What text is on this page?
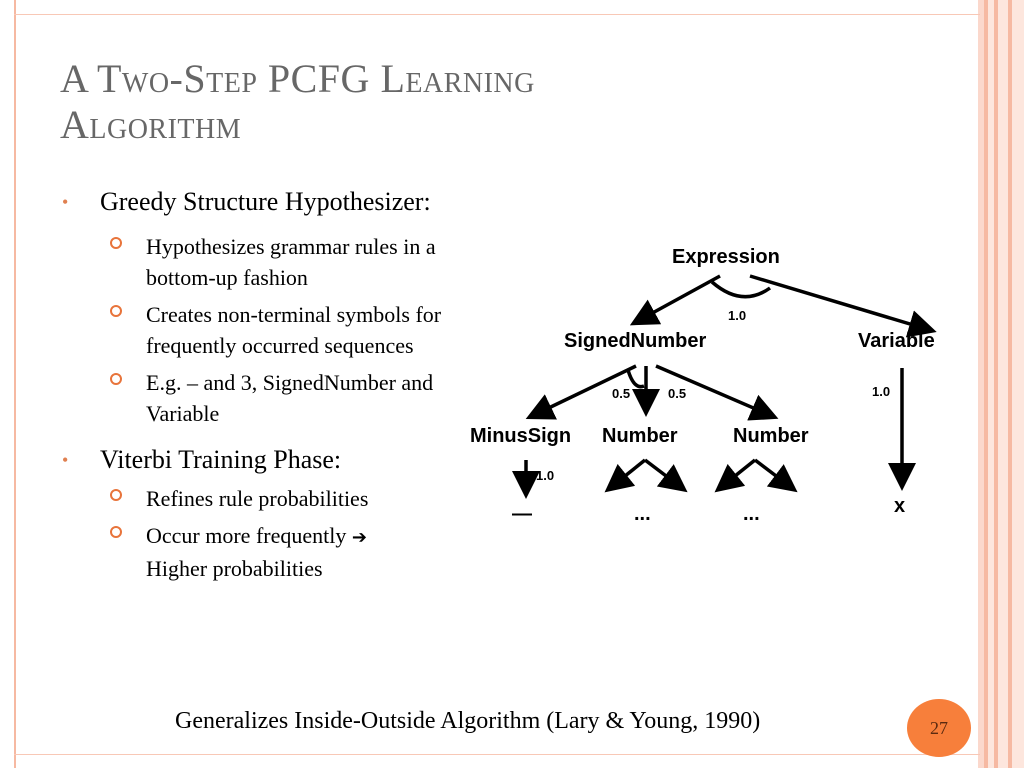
A Two-Step PCFG Learning Algorithm
• Greedy Structure Hypothesizer:
Hypothesizes grammar rules in a bottom-up fashion
Creates non-terminal symbols for frequently occurred sequences
E.g. – and 3, SignedNumber and Variable
• Viterbi Training Phase:
Refines rule probabilities
Occur more frequently ➔
Higher probabilities
Expression
SignedNumber	Variable
MinusSign Number	Number
—	...	...	x
1.0
0.5	0.5	1.0
1.0
Generalizes Inside-Outside Algorithm (Lary & Young, 1990)	27
